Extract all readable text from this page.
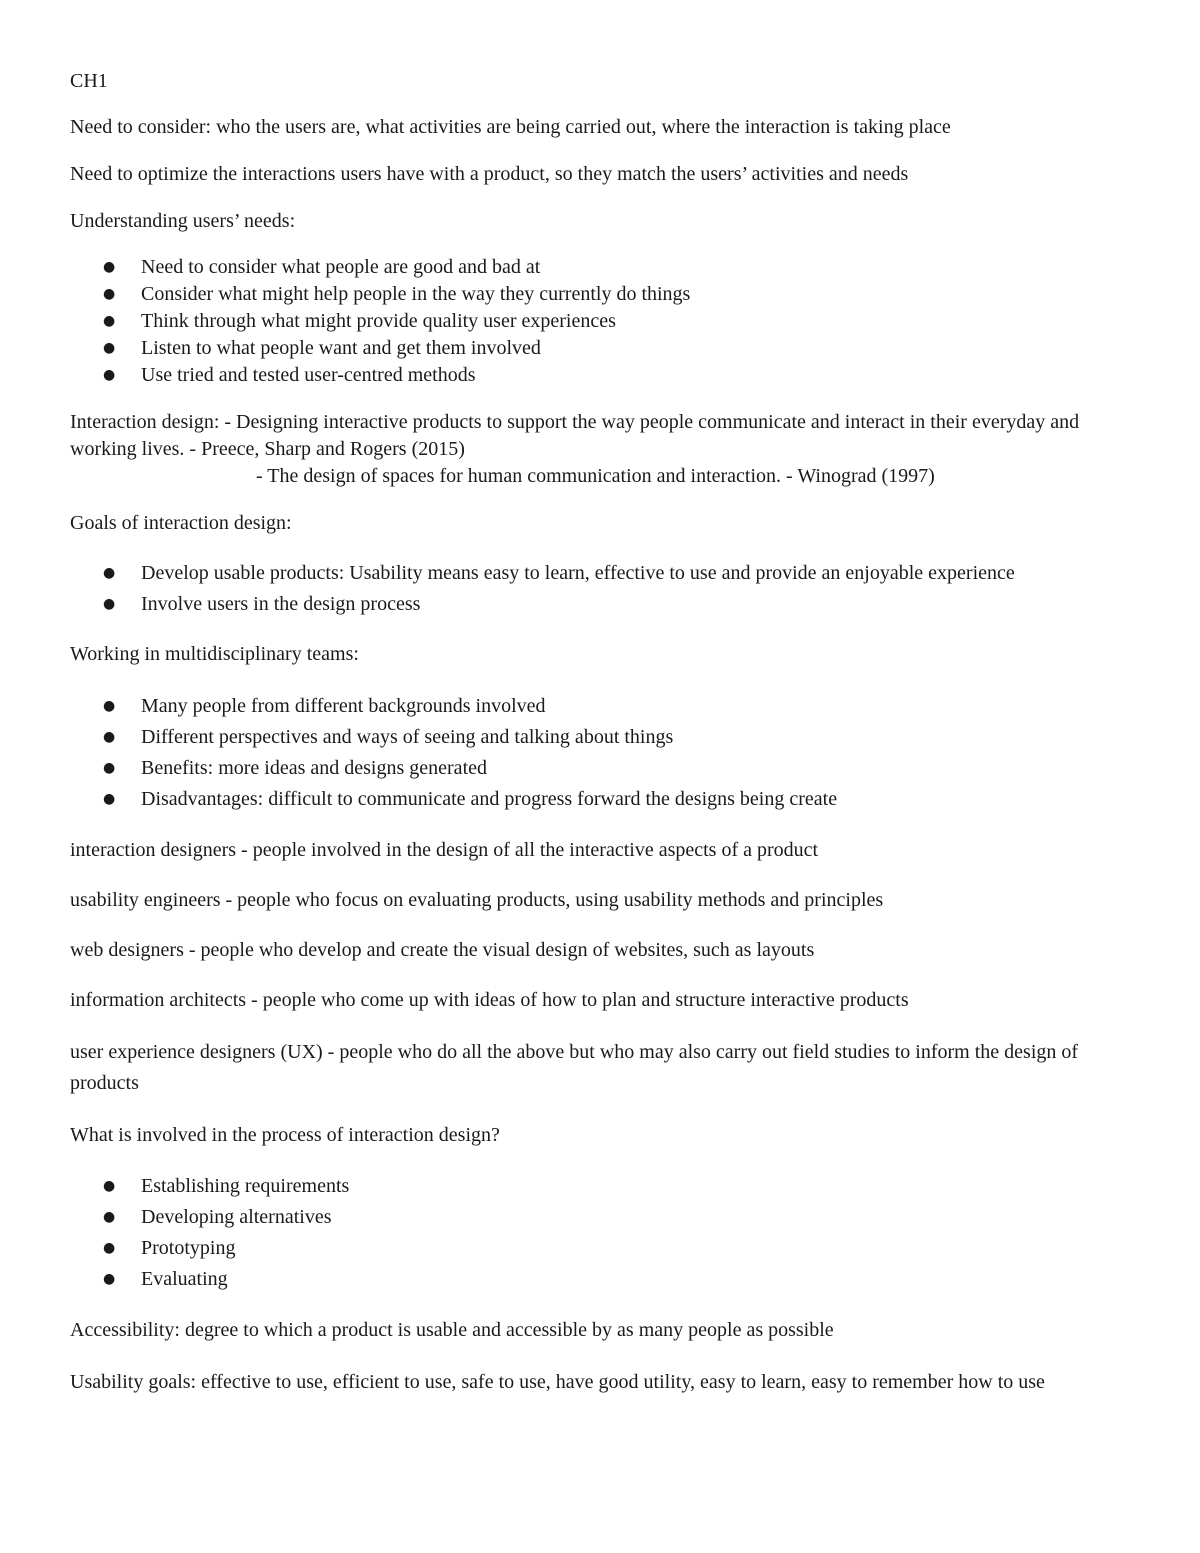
CH1

Need to consider: who the users are, what activities are being carried out, where the interaction is taking place

Need to optimize the interactions users have with a product, so they match the users’ activities and needs

Understanding users’ needs:

● Need to consider what people are good and bad at
● Consider what might help people in the way they currently do things
● Think through what might provide quality user experiences
● Listen to what people want and get them involved
● Use tried and tested user-centred methods

Interaction design: - Designing interactive products to support the way people communicate and interact in their everyday and working lives. - Preece, Sharp and Rogers (2015)

- The design of spaces for human communication and interaction. - Winograd (1997)

Goals of interaction design:

● Develop usable products: Usability means easy to learn, effective to use and provide an enjoyable experience
● Involve users in the design process

Working in multidisciplinary teams:

● Many people from different backgrounds involved
● Different perspectives and ways of seeing and talking about things
● Benefits: more ideas and designs generated
● Disadvantages: difficult to communicate and progress forward the designs being create

interaction designers - people involved in the design of all the interactive aspects of a product

usability engineers - people who focus on evaluating products, using usability methods and principles

web designers - people who develop and create the visual design of websites, such as layouts

information architects - people who come up with ideas of how to plan and structure interactive products

user experience designers (UX) - people who do all the above but who may also carry out field studies to inform the design of products

What is involved in the process of interaction design?

● Establishing requirements
● Developing alternatives
● Prototyping
● Evaluating

Accessibility: degree to which a product is usable and accessible by as many people as possible

Usability goals: effective to use, efficient to use, safe to use, have good utility, easy to learn, easy to remember how to use
